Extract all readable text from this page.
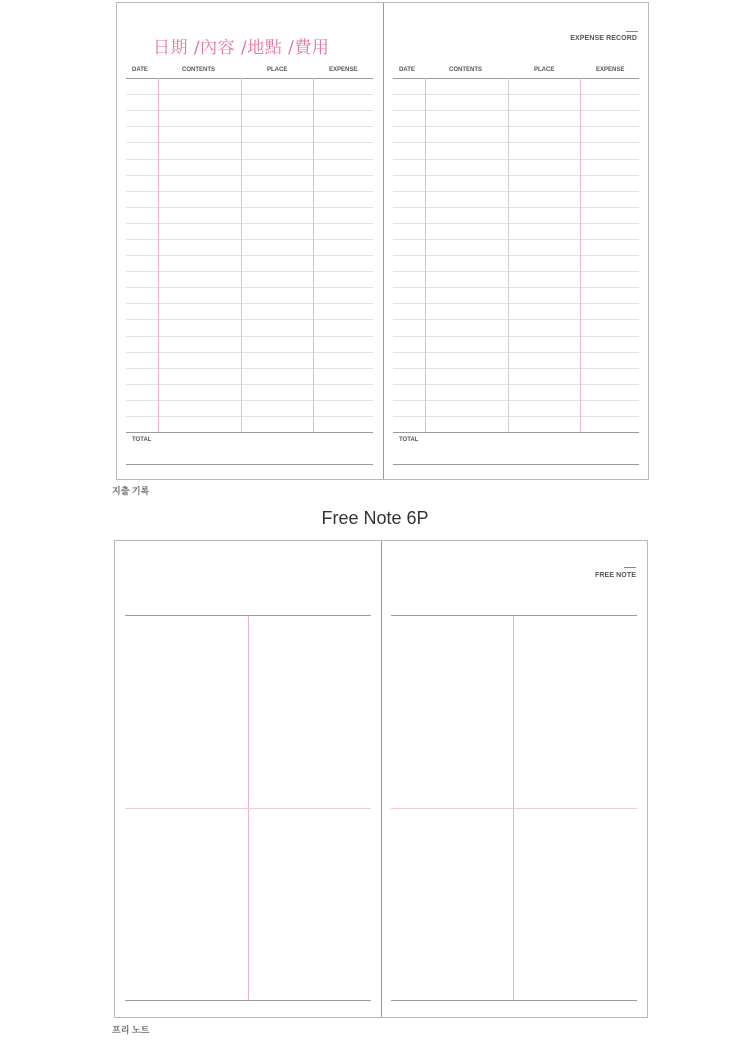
日期 /內容 /地點 /費用
DATE	CONTENTS	PLACE	EXPENSE
TOTAL
EXPENSE RECORD
DATE	CONTENTS	PLACE	EXPENSE
TOTAL
지출 기록
Free Note 6P
FREE NOTE
프리 노트
